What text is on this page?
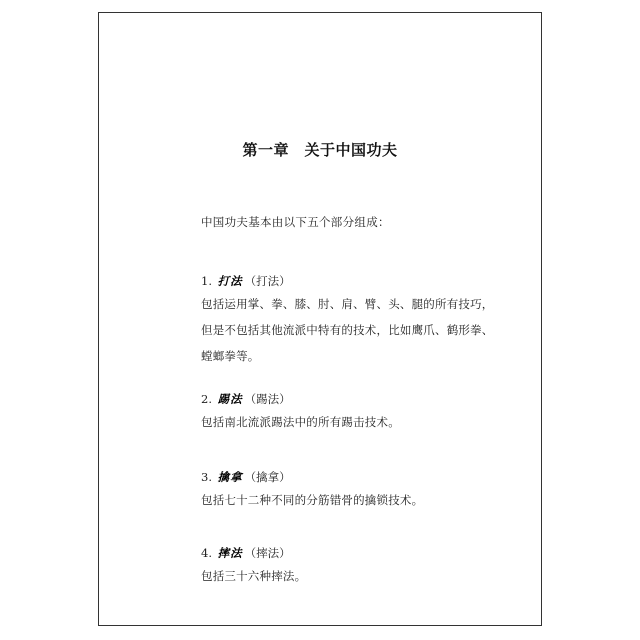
第一章　关于中国功夫
中国功夫基本由以下五个部分组成：
1. 打法 （打法）
包括运用掌、拳、膝、肘、肩、臂、头、腿的所有技巧，
但是不包括其他流派中特有的技术，比如鹰爪、鹤形拳、
螳螂拳等。
2. 踢法 （踢法）
包括南北流派踢法中的所有踢击技术。
3. 擒拿 （擒拿）
包括七十二种不同的分筋错骨的擒锁技术。
4. 摔法 （摔法）
包括三十六种摔法。
